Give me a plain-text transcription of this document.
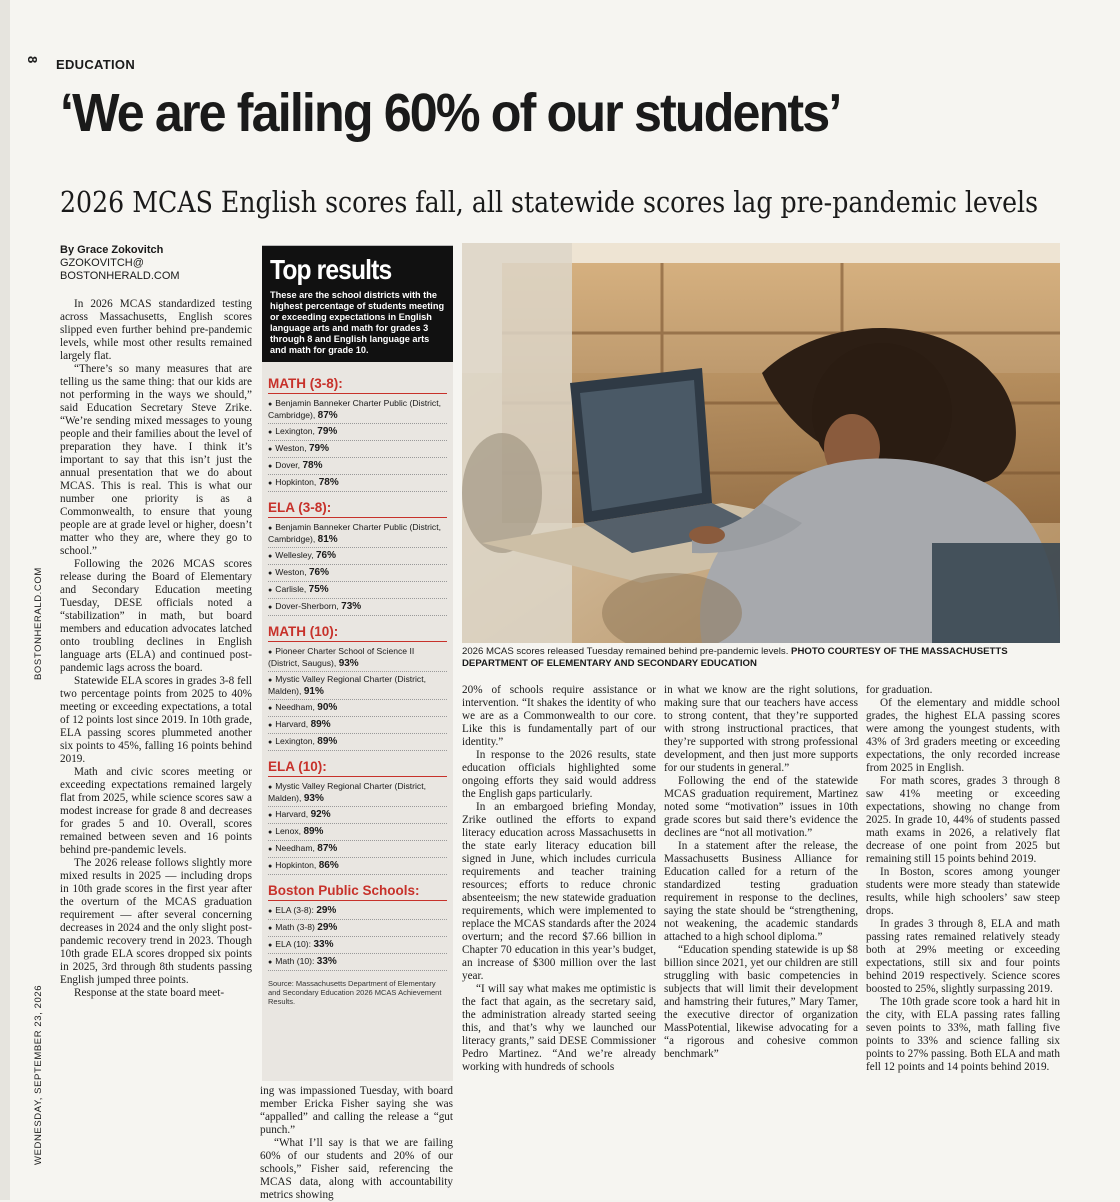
8 EDUCATION
‘We are failing 60% of our students’
2026 MCAS English scores fall, all statewide scores lag pre-pandemic levels
By Grace Zokovitch
GZOKOVITCH@
BOSTONHERALD.COM
BOSTONHERALD.COM
WEDNESDAY, SEPTEMBER 23, 2026

In 2026 MCAS standardized testing across Massachusetts, English scores slipped even further behind pre-pandemic levels, while most other results remained largely flat.

“There’s so many measures that are telling us the same thing: that our kids are not performing in the ways we should,” said Education Secretary Steve Zrike. “We’re sending mixed messages to young people and their families about the level of preparation they have. I think it’s important to say that this isn’t just the annual presentation that we do about MCAS. This is real. This is what our number one priority is as a Commonwealth, to ensure that young people are at grade level or higher, doesn’t matter who they are, where they go to school.”

Following the 2026 MCAS scores release during the Board of Elementary and Secondary Education meeting Tuesday, DESE officials noted a “stabilization” in math, but board members and education advocates latched onto troubling declines in English language arts (ELA) and continued post-pandemic lags across the board.

Statewide ELA scores in grades 3-8 fell two percentage points from 2025 to 40% meeting or exceeding expectations, a total of 12 points lost since 2019. In 10th grade, ELA passing scores plummeted another six points to 45%, falling 16 points behind 2019.

Math and civic scores meeting or exceeding expectations remained largely flat from 2025, while science scores saw a modest increase for grade 8 and decreases for grades 5 and 10. Overall, scores remained between seven and 16 points behind pre-pandemic levels.

The 2026 release follows slightly more mixed results in 2025 — including drops in 10th grade scores in the first year after the overturn of the MCAS graduation requirement — after several concerning decreases in 2024 and the only slight post-pandemic recovery trend in 2023. Though 10th grade ELA scores dropped six points in 2025, 3rd through 8th students passing English jumped three points.

Response at the state board meet-

ing was impassioned Tuesday, with board member Ericka Fisher saying she was “appalled” and calling the release a “gut punch.”

“What I’ll say is that we are failing 60% of our students and 20% of our schools,” Fisher said, referencing the MCAS data, along with accountability metrics showing

20% of schools require assistance or intervention. “It shakes the identity of who we are as a Commonwealth to our core. Like this is fundamentally part of our identity.”

In response to the 2026 results, state education officials highlighted some ongoing efforts they said would address the English gaps particularly.

In an embargoed briefing Monday, Zrike outlined the efforts to expand literacy education across Massachusetts in the state early literacy education bill signed in June, which includes curricula requirements and teacher training resources; efforts to reduce chronic absenteeism; the new statewide graduation requirements, which were implemented to replace the MCAS standards after the 2024 overturn; and the record $7.66 billion in Chapter 70 education in this year’s budget, an increase of $300 million over the last year.

“I will say what makes me optimistic is the fact that again, as the secretary said, the administration already started seeing this, and that’s why we launched our literacy grants,” said DESE Commissioner Pedro Martinez. “And we’re already working with hundreds of schools

in what we know are the right solutions, making sure that our teachers have access to strong content, that they’re supported with strong instructional practices, that they’re supported with strong professional development, and then just more supports for our students in general.”

Following the end of the statewide MCAS graduation requirement, Martinez noted some “motivation” issues in 10th grade scores but said there’s evidence the declines are “not all motivation.”

In a statement after the release, the Massachusetts Business Alliance for Education called for a return of the standardized testing graduation requirement in response to the declines, saying the state should be “strengthening, not weakening, the academic standards attached to a high school diploma.”

“Education spending statewide is up $8 billion since 2021, yet our children are still struggling with basic competencies in subjects that will limit their development and hamstring their futures,” Mary Tamer, the executive director of organization MassPotential, likewise advocating for a “a rigorous and cohesive common benchmark”

for graduation.

Of the elementary and middle school grades, the highest ELA passing scores were among the youngest students, with 43% of 3rd graders meeting or exceeding expectations, the only recorded increase from 2025 in English.

For math scores, grades 3 through 8 saw 41% meeting or exceeding expectations, showing no change from 2025. In grade 10, 44% of students passed math exams in 2026, a relatively flat decrease of one point from 2025 but remaining still 15 points behind 2019.

In Boston, scores among younger students were more steady than statewide results, while high schoolers’ saw steep drops.

In grades 3 through 8, ELA and math passing rates remained relatively steady both at 29% meeting or exceeding expectations, still six and four points behind 2019 respectively. Science scores boosted to 25%, slightly surpassing 2019.

The 10th grade score took a hard hit in the city, with ELA passing rates falling seven points to 33%, math falling five points to 33% and science falling six points to 27% passing. Both ELA and math fell 12 points and 14 points behind 2019.

Top results
These are the school districts with the highest percentage of students meeting or exceeding expectations in English language arts and math for grades 3 through 8 and English language arts and math for grade 10.
MATH (3-8):
● Benjamin Banneker Charter Public (District, Cambridge), 87%
● Lexington, 79%
● Weston, 79%
● Dover, 78%
● Hopkinton, 78%
ELA (3-8):
● Benjamin Banneker Charter Public (District, Cambridge), 81%
● Wellesley, 76%
● Weston, 76%
● Carlisle, 75%
● Dover-Sherborn, 73%
MATH (10):
● Pioneer Charter School of Science II (District, Saugus), 93%
● Mystic Valley Regional Charter (District, Malden), 91%
● Needham, 90%
● Harvard, 89%
● Lexington, 89%
ELA (10):
● Mystic Valley Regional Charter (District, Malden), 93%
● Harvard, 92%
● Lenox, 89%
● Needham, 87%
● Hopkinton, 86%
Boston Public Schools:
● ELA (3-8): 29%
● Math (3-8) 29%
● ELA (10): 33%
● Math (10): 33%
Source: Massachusetts Department of Elementary and Secondary Education 2026 MCAS Achievement Results.
2026 MCAS scores released Tuesday remained behind pre-pandemic levels. PHOTO COURTESY OF THE MASSACHUSETTS DEPARTMENT OF ELEMENTARY AND SECONDARY EDUCATION
